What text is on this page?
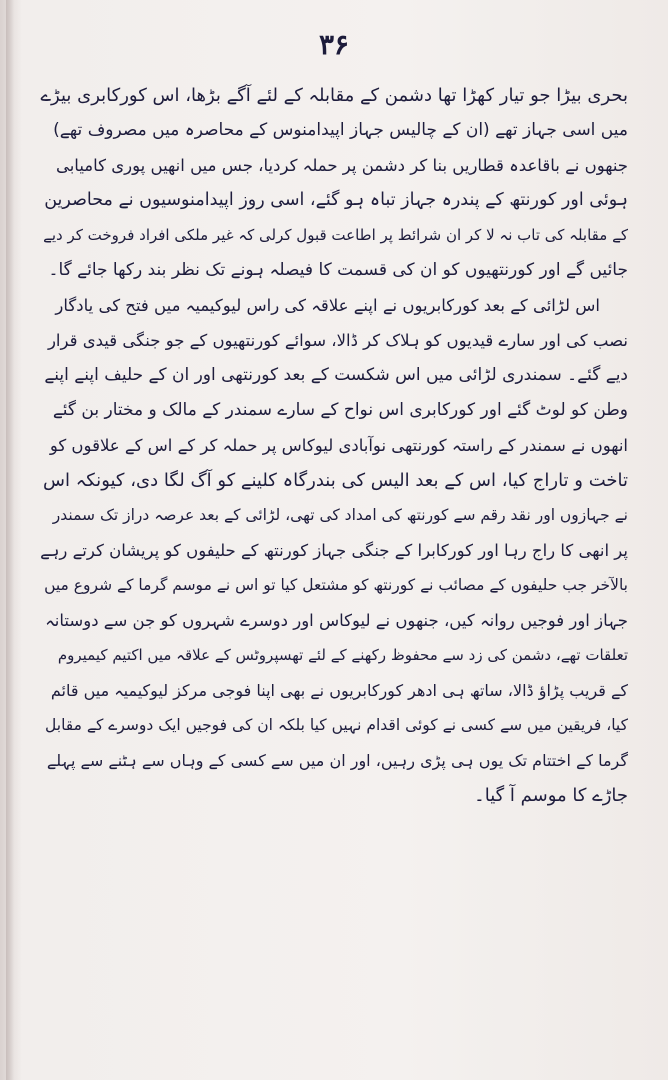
۳۶
بحری بیڑا جو تیار کھڑا تھا دشمن کے مقابلہ کے لئے آگے بڑھا، اس کورکابری بیڑے
میں اسی جہاز تھے (ان کے چالیس جہاز اپیدامنوس کے محاصرہ میں مصروف تھے)
جنھوں نے باقاعدہ قطاریں بنا کر دشمن پر حملہ کردیا، جس میں انھیں پوری کامیابی
ہوئی اور کورنتھ کے پندرہ جہاز تباہ ہو گئے، اسی روز اپیدامنوسیوں نے محاصرین
کے مقابلہ کی تاب نہ لا کر ان شرائط پر اطاعت قبول کرلی کہ غیر ملکی افراد فروخت کر دیے
جائیں گے اور کورنتھیوں کو ان کی قسمت کا فیصلہ ہونے تک نظر بند رکھا جائے گا۔
اس لڑائی کے بعد کورکابریوں نے اپنے علاقہ کی راس لیوکیمیہ میں فتح کی یادگار
نصب کی اور سارے قیدیوں کو ہلاک کر ڈالا، سوائے کورنتھیوں کے جو جنگی قیدی قرار
دیے گئے۔ سمندری لڑائی میں اس شکست کے بعد کورنتھی اور ان کے حلیف اپنے اپنے
وطن کو لوٹ گئے اور کورکابری اس نواح کے سارے سمندر کے مالک و مختار بن گئے
انھوں نے سمندر کے راستہ کورنتھی نوآبادی لیوکاس پر حملہ کر کے اس کے علاقوں کو
تاخت و تاراج کیا، اس کے بعد الیس کی بندرگاہ کلینے کو آگ لگا دی، کیونکہ اس
نے جہازوں اور نقد رقم سے کورنتھ کی امداد کی تھی، لڑائی کے بعد عرصہ دراز تک سمندر
پر انھی کا راج رہا اور کورکابرا کے جنگی جہاز کورنتھ کے حلیفوں کو پریشان کرتے رہے
بالآخر جب حلیفوں کے مصائب نے کورنتھ کو مشتعل کیا تو اس نے موسم گرما کے شروع میں
جہاز اور فوجیں روانہ کیں، جنھوں نے لیوکاس اور دوسرے شہروں کو جن سے دوستانہ
تعلقات تھے، دشمن کی زد سے محفوظ رکھنے کے لئے تھسپروٹس کے علاقہ میں اکتیم کیمیروم
کے قریب پڑاؤ ڈالا، ساتھ ہی ادھر کورکابریوں نے بھی اپنا فوجی مرکز لیوکیمیہ میں قائم
کیا، فریقین میں سے کسی نے کوئی اقدام نہیں کیا بلکہ ان کی فوجیں ایک دوسرے کے مقابل
گرما کے اختتام تک یوں ہی پڑی رہیں، اور ان میں سے کسی کے وہاں سے ہٹنے سے پہلے
جاڑے کا موسم آ گیا۔
